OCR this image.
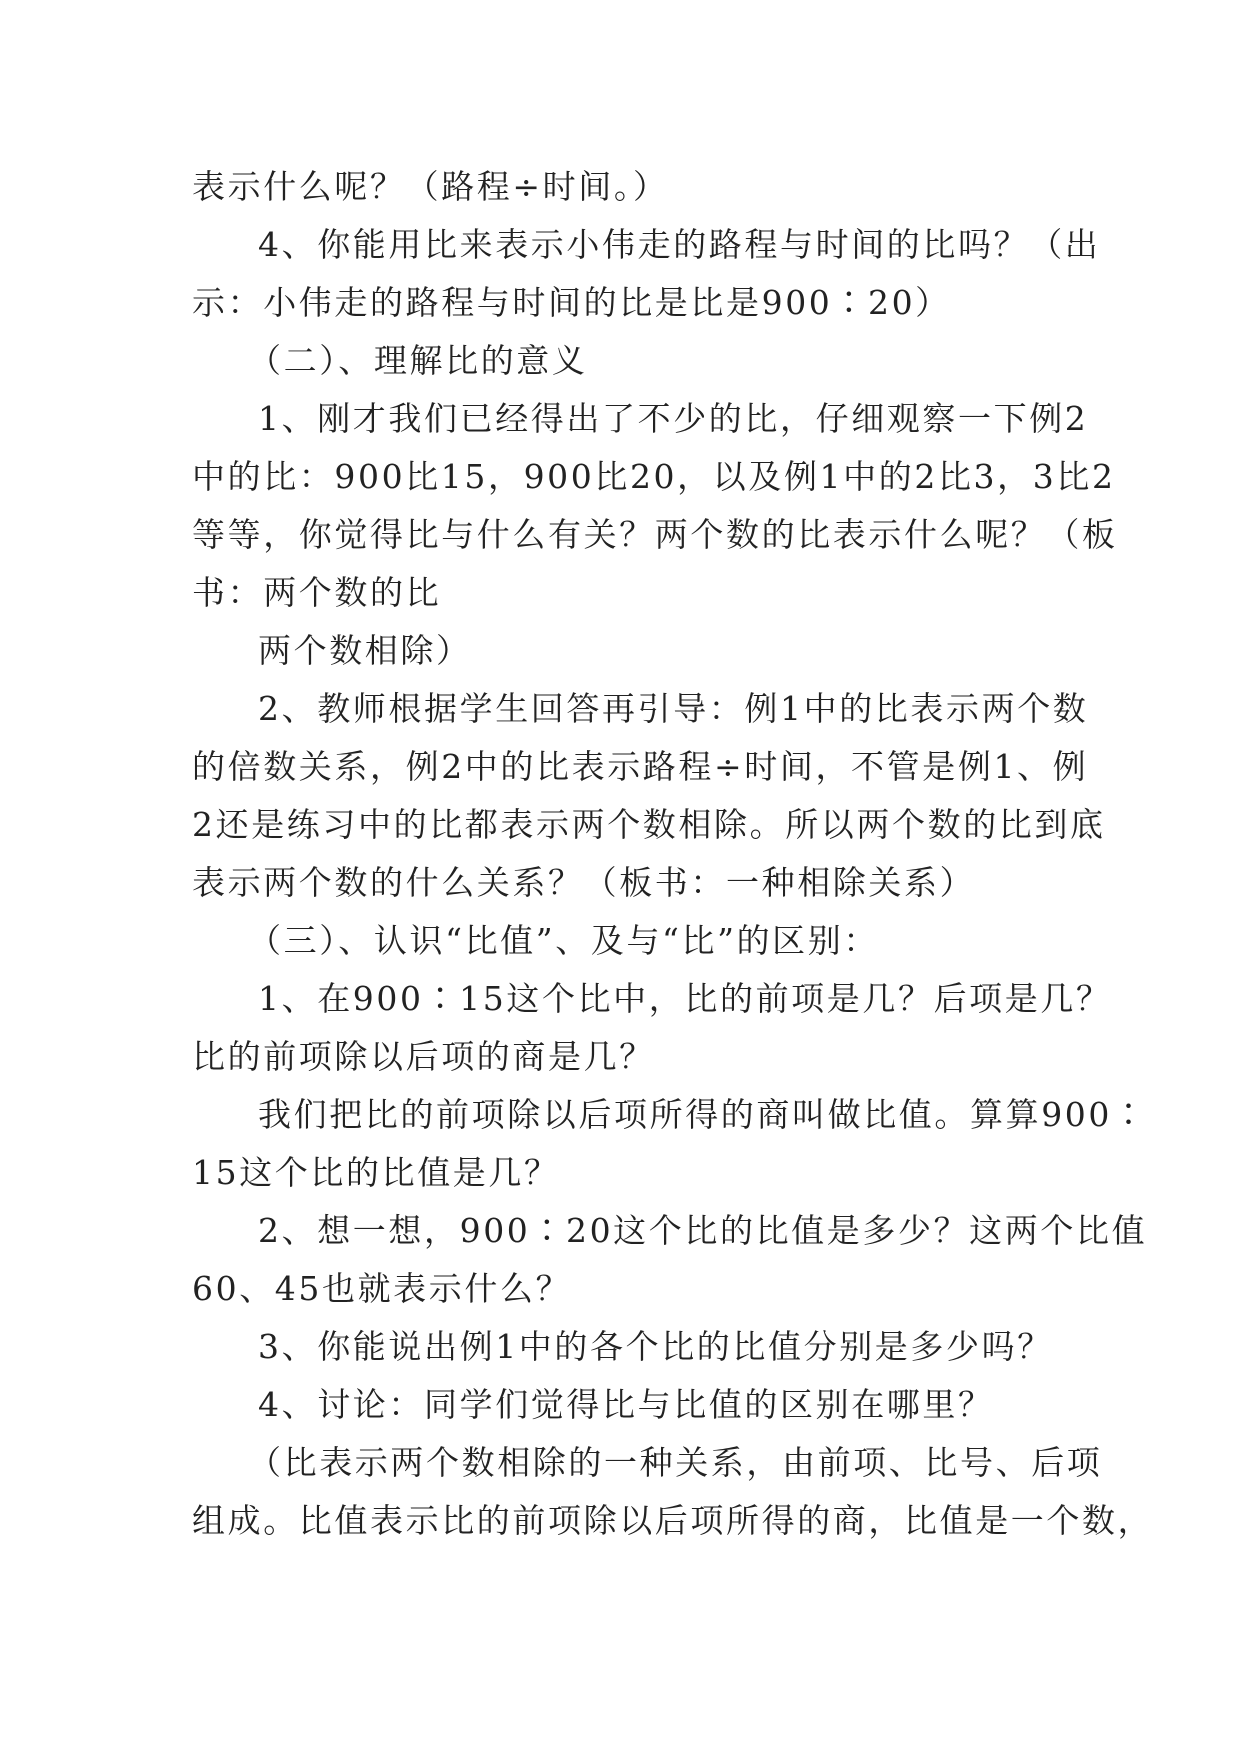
表示什么呢？（路程÷时间。）
4、你能用比来表示小伟走的路程与时间的比吗？（出
示：小伟走的路程与时间的比是比是900∶20）
（二）、理解比的意义
1、刚才我们已经得出了不少的比，仔细观察一下例2
中的比：900比15，900比20，以及例1中的2比3，3比2
等等，你觉得比与什么有关？两个数的比表示什么呢？（板
书：两个数的比
两个数相除）
2、教师根据学生回答再引导：例1中的比表示两个数
的倍数关系，例2中的比表示路程÷时间，不管是例1、例
2还是练习中的比都表示两个数相除。所以两个数的比到底
表示两个数的什么关系？（板书：一种相除关系）
（三）、认识“比值”、及与“比”的区别：
1、在900∶15这个比中，比的前项是几？后项是几？
比的前项除以后项的商是几？
我们把比的前项除以后项所得的商叫做比值。算算900∶
15这个比的比值是几？
2、想一想，900∶20这个比的比值是多少？这两个比值
60、45也就表示什么？
3、你能说出例1中的各个比的比值分别是多少吗？
4、讨论：同学们觉得比与比值的区别在哪里？
（比表示两个数相除的一种关系，由前项、比号、后项
组成。比值表示比的前项除以后项所得的商，比值是一个数，
